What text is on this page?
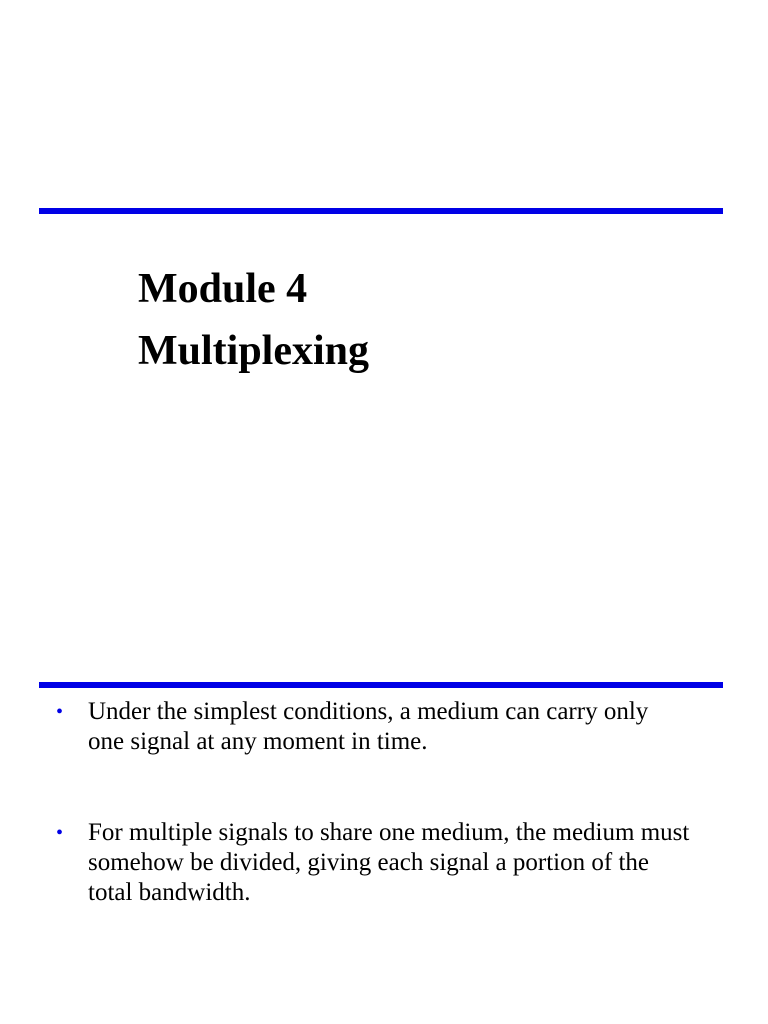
Module 4
Multiplexing
• Under the simplest conditions, a medium can carry only
one signal at any moment in time.
• For multiple signals to share one medium, the medium must
somehow be divided, giving each signal a portion of the
total bandwidth.
